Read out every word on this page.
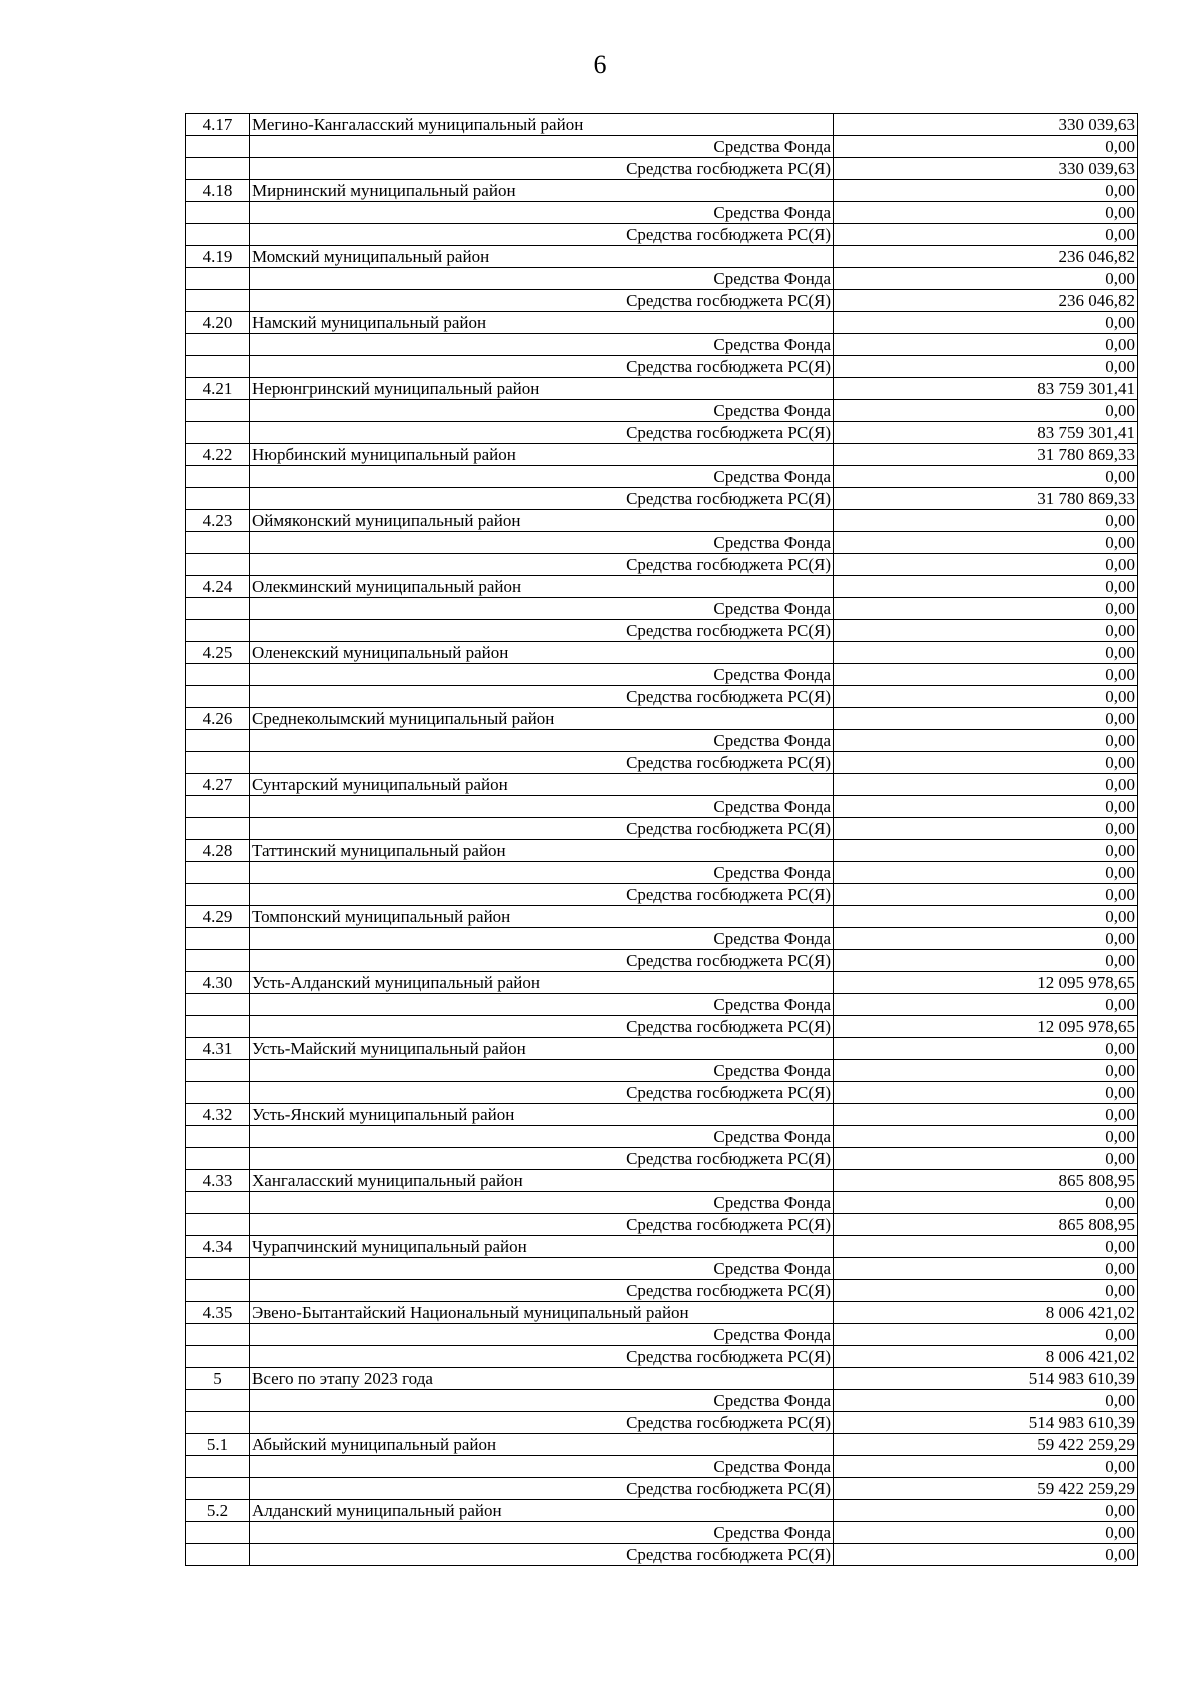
6
4.17	Мегино-Кангаласский муниципальный район	330 039,63
	Средства Фонда	0,00
	Средства госбюджета РС(Я)	330 039,63
4.18	Мирнинский муниципальный район	0,00
	Средства Фонда	0,00
	Средства госбюджета РС(Я)	0,00
4.19	Момский муниципальный район	236 046,82
	Средства Фонда	0,00
	Средства госбюджета РС(Я)	236 046,82
4.20	Намский муниципальный район	0,00
	Средства Фонда	0,00
	Средства госбюджета РС(Я)	0,00
4.21	Нерюнгринский муниципальный район	83 759 301,41
	Средства Фонда	0,00
	Средства госбюджета РС(Я)	83 759 301,41
4.22	Нюрбинский муниципальный район	31 780 869,33
	Средства Фонда	0,00
	Средства госбюджета РС(Я)	31 780 869,33
4.23	Оймяконский муниципальный район	0,00
	Средства Фонда	0,00
	Средства госбюджета РС(Я)	0,00
4.24	Олекминский муниципальный район	0,00
	Средства Фонда	0,00
	Средства госбюджета РС(Я)	0,00
4.25	Оленекский муниципальный район	0,00
	Средства Фонда	0,00
	Средства госбюджета РС(Я)	0,00
4.26	Среднеколымский муниципальный район	0,00
	Средства Фонда	0,00
	Средства госбюджета РС(Я)	0,00
4.27	Сунтарский муниципальный район	0,00
	Средства Фонда	0,00
	Средства госбюджета РС(Я)	0,00
4.28	Таттинский муниципальный район	0,00
	Средства Фонда	0,00
	Средства госбюджета РС(Я)	0,00
4.29	Томпонский муниципальный район	0,00
	Средства Фонда	0,00
	Средства госбюджета РС(Я)	0,00
4.30	Усть-Алданский муниципальный район	12 095 978,65
	Средства Фонда	0,00
	Средства госбюджета РС(Я)	12 095 978,65
4.31	Усть-Майский муниципальный район	0,00
	Средства Фонда	0,00
	Средства госбюджета РС(Я)	0,00
4.32	Усть-Янский муниципальный район	0,00
	Средства Фонда	0,00
	Средства госбюджета РС(Я)	0,00
4.33	Хангаласский муниципальный район	865 808,95
	Средства Фонда	0,00
	Средства госбюджета РС(Я)	865 808,95
4.34	Чурапчинский муниципальный район	0,00
	Средства Фонда	0,00
	Средства госбюджета РС(Я)	0,00
4.35	Эвено-Бытантайский Национальный муниципальный район	8 006 421,02
	Средства Фонда	0,00
	Средства госбюджета РС(Я)	8 006 421,02
5	Всего по этапу 2023 года	514 983 610,39
	Средства Фонда	0,00
	Средства госбюджета РС(Я)	514 983 610,39
5.1	Абыйский муниципальный район	59 422 259,29
	Средства Фонда	0,00
	Средства госбюджета РС(Я)	59 422 259,29
5.2	Алданский муниципальный район	0,00
	Средства Фонда	0,00
	Средства госбюджета РС(Я)	0,00
